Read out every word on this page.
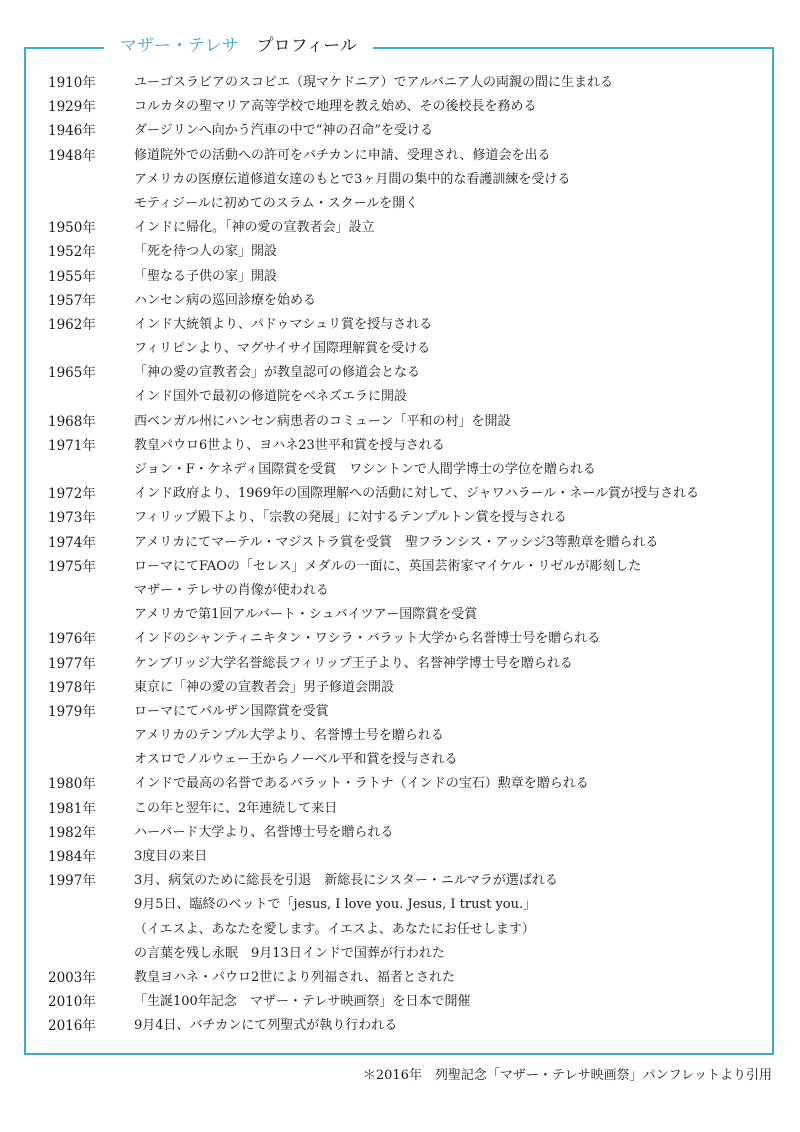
マザー・テレサ プロフィール
1910年	ユーゴスラビアのスコピエ（現マケドニア）でアルバニア人の両親の間に生まれる
1929年	コルカタの聖マリア高等学校で地理を教え始め、その後校長を務める
1946年	ダージリンへ向かう汽車の中で“神の召命”を受ける
1948年	修道院外での活動への許可をバチカンに申請、受理され、修道会を出る
アメリカの医療伝道修道女達のもとで3ヶ月間の集中的な看護訓練を受ける
モティジールに初めてのスラム・スクールを開く
1950年	インドに帰化。「神の愛の宣教者会」設立
1952年	「死を待つ人の家」開設
1955年	「聖なる子供の家」開設
1957年	ハンセン病の巡回診療を始める
1962年	インド大統領より、パドゥマシュリ賞を授与される
フィリピンより、マグサイサイ国際理解賞を受ける
1965年	「神の愛の宣教者会」が教皇認可の修道会となる
インド国外で最初の修道院をベネズエラに開設
1968年	西ベンガル州にハンセン病患者のコミューン「平和の村」を開設
1971年	教皇パウロ6世より、ヨハネ23世平和賞を授与される
ジョン・F・ケネディ国際賞を受賞　ワシントンで人間学博士の学位を贈られる
1972年	インド政府より、1969年の国際理解への活動に対して、ジャワハラール・ネール賞が授与される
1973年	フィリップ殿下より、「宗教の発展」に対するテンプルトン賞を授与される
1974年	アメリカにてマーテル・マジストラ賞を受賞　聖フランシス・アッシジ3等勲章を贈られる
1975年	ローマにてFAOの「セレス」メダルの一面に、英国芸術家マイケル・リゼルが彫刻した
マザー・テレサの肖像が使われる
アメリカで第1回アルバート・シュバイツアー国際賞を受賞
1976年	インドのシャンティニキタン・ワシラ・バラット大学から名誉博士号を贈られる
1977年	ケンブリッジ大学名誉総長フィリップ王子より、名誉神学博士号を贈られる
1978年	東京に「神の愛の宣教者会」男子修道会開設
1979年	ローマにてバルザン国際賞を受賞
アメリカのテンプル大学より、名誉博士号を贈られる
オスロでノルウェー王からノーベル平和賞を授与される
1980年	インドで最高の名誉であるバラット・ラトナ（インドの宝石）勲章を贈られる
1981年	この年と翌年に、2年連続して来日
1982年	ハーバード大学より、名誉博士号を贈られる
1984年	3度目の来日
1997年	3月、病気のために総長を引退　新総長にシスター・ニルマラが選ばれる
9月5日、臨終のベットで「jesus, I love you. Jesus, I trust you.」
（イエスよ、あなたを愛します。イエスよ、あなたにお任せします）
の言葉を残し永眠　9月13日インドで国葬が行われた
2003年	教皇ヨハネ・パウロ2世により列福され、福者とされた
2010年	「生誕100年記念　マザー・テレサ映画祭」を日本で開催
2016年	9月4日、バチカンにて列聖式が執り行われる
＊2016年　列聖記念「マザー・テレサ映画祭」パンフレットより引用
